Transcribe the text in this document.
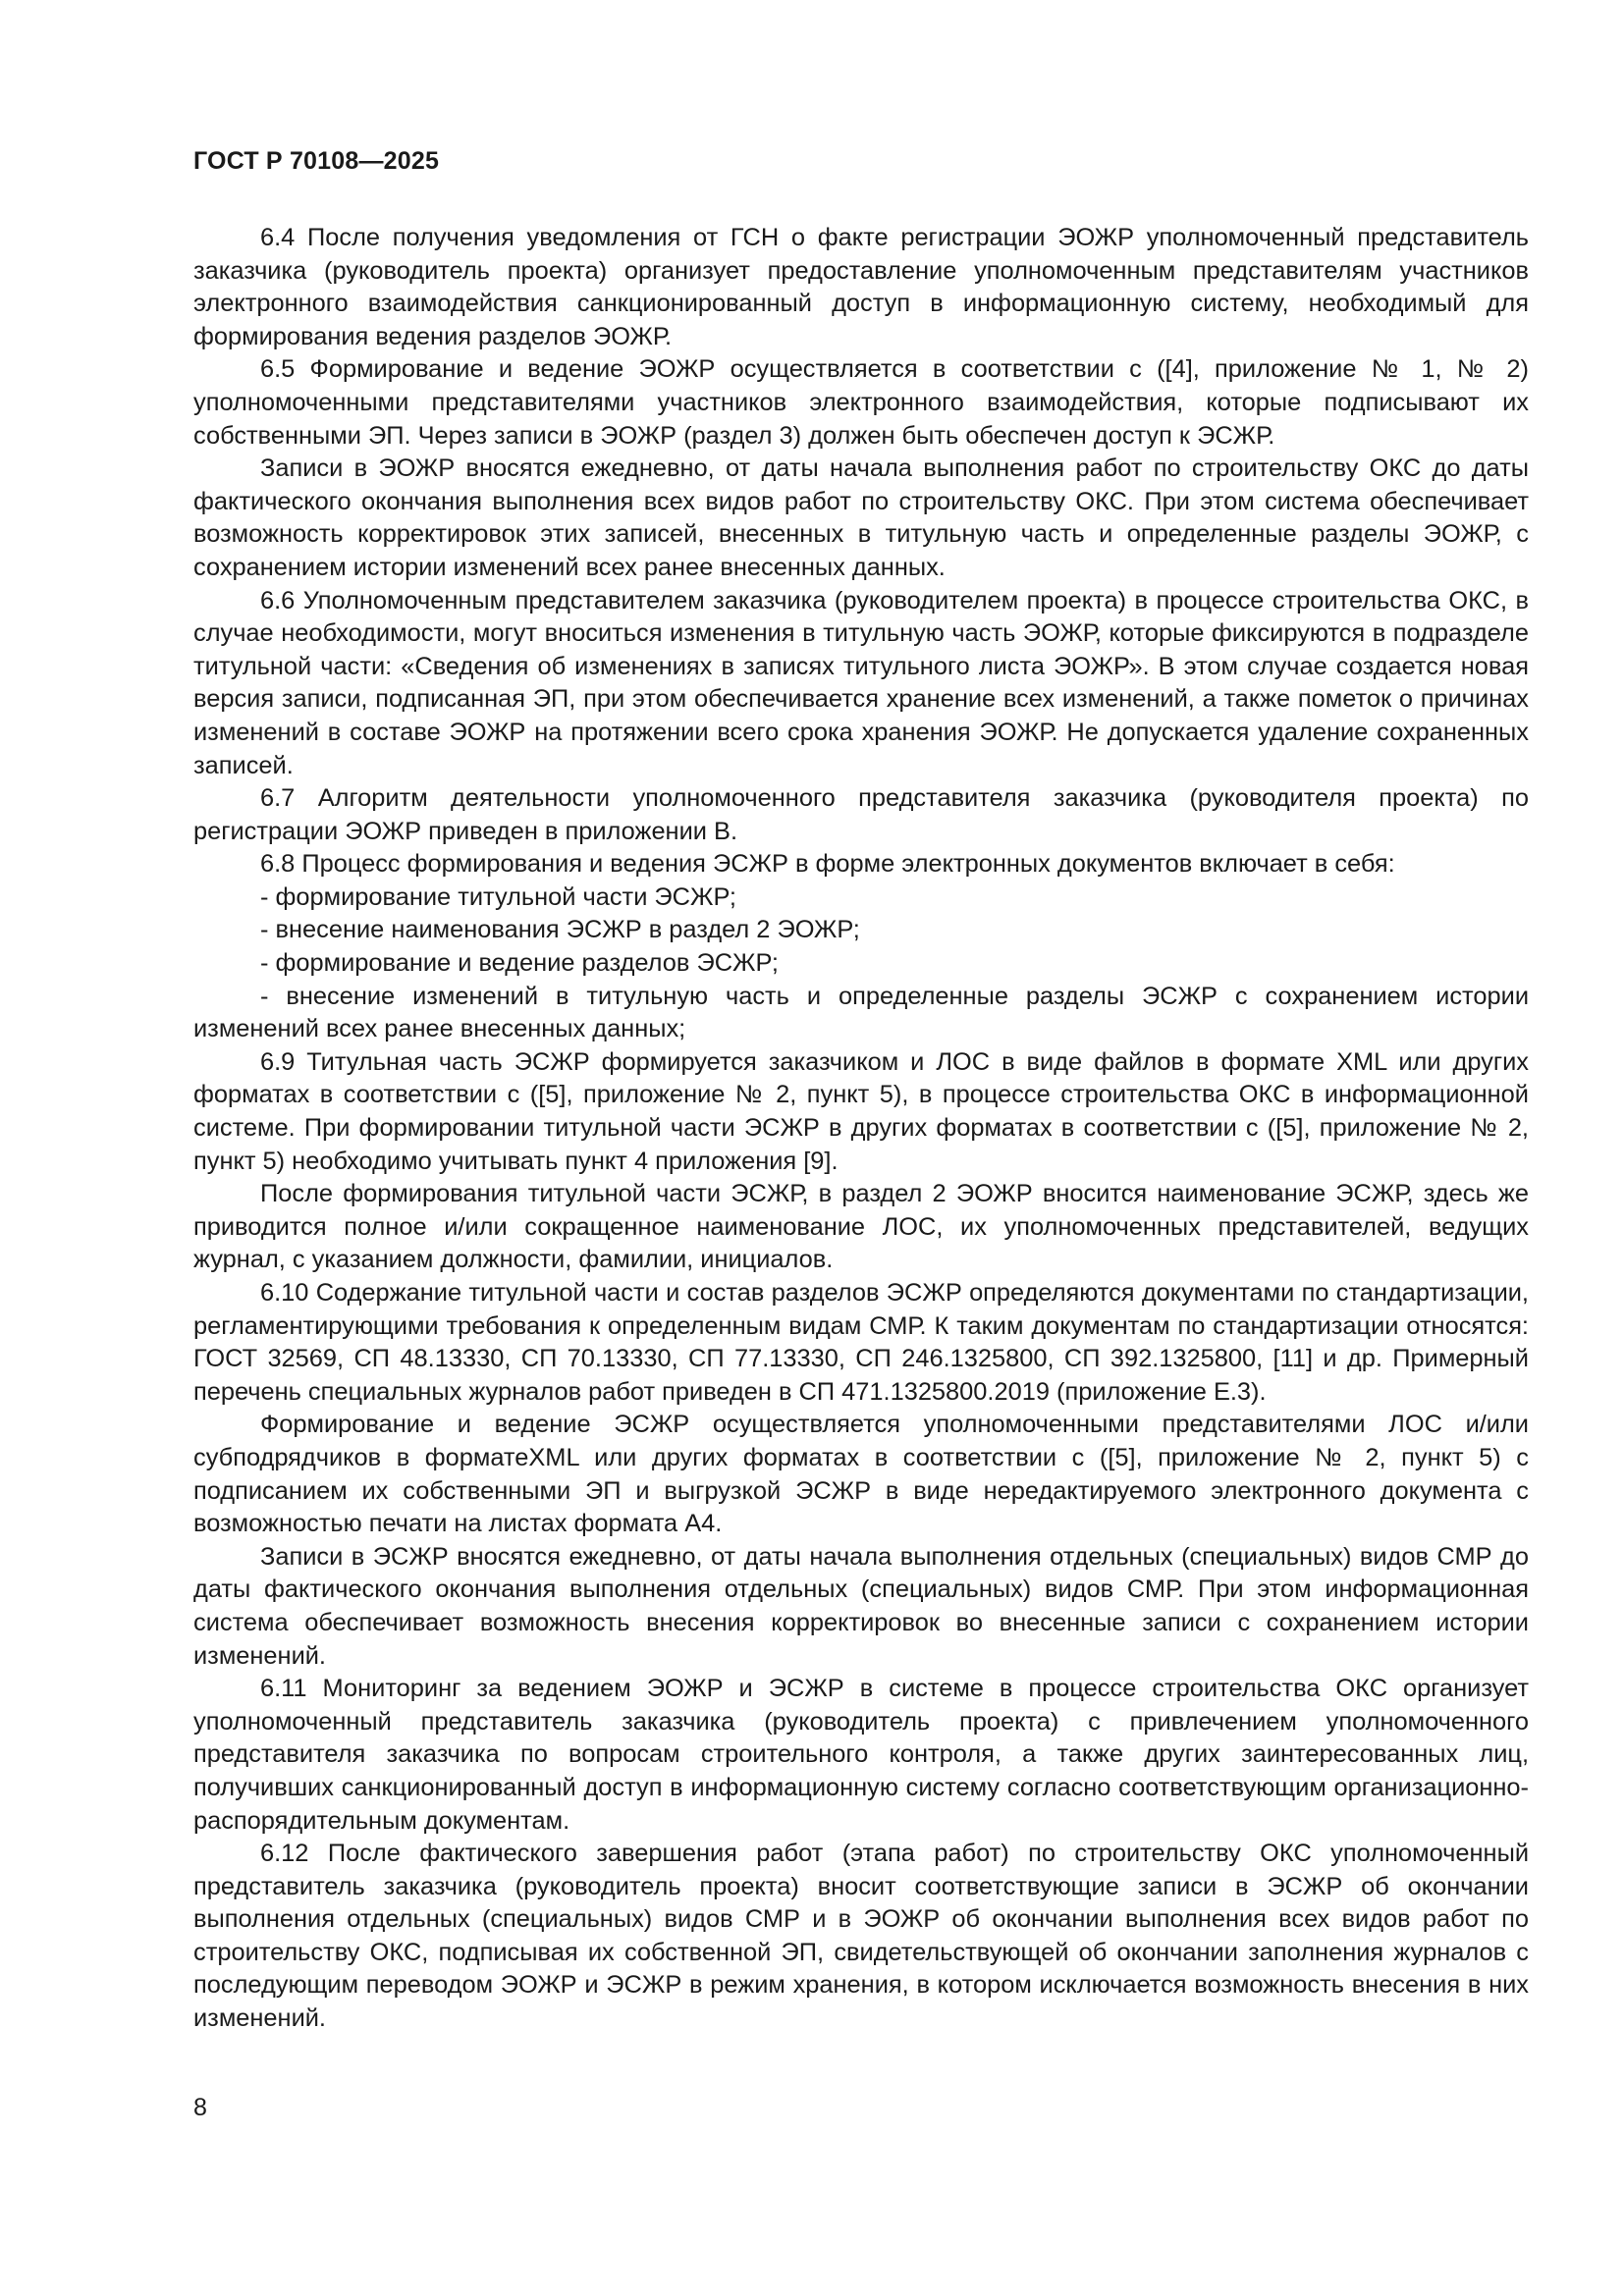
ГОСТ Р 70108—2025

6.4 После получения уведомления от ГСН о факте регистрации ЭОЖР уполномоченный представитель заказчика (руководитель проекта) организует предоставление уполномоченным представителям участников электронного взаимодействия санкционированный доступ в информационную систему, необходимый для формирования ведения разделов ЭОЖР.

6.5 Формирование и ведение ЭОЖР осуществляется в соответствии с ([4], приложение № 1, № 2) уполномоченными представителями участников электронного взаимодействия, которые подписывают их собственными ЭП. Через записи в ЭОЖР (раздел 3) должен быть обеспечен доступ к ЭСЖР.

Записи в ЭОЖР вносятся ежедневно, от даты начала выполнения работ по строительству ОКС до даты фактического окончания выполнения всех видов работ по строительству ОКС. При этом система обеспечивает возможность корректировок этих записей, внесенных в титульную часть и определенные разделы ЭОЖР, с сохранением истории изменений всех ранее внесенных данных.

6.6 Уполномоченным представителем заказчика (руководителем проекта) в процессе строительства ОКС, в случае необходимости, могут вноситься изменения в титульную часть ЭОЖР, которые фиксируются в подразделе титульной части: «Сведения об изменениях в записях титульного листа ЭОЖР». В этом случае создается новая версия записи, подписанная ЭП, при этом обеспечивается хранение всех изменений, а также пометок о причинах изменений в составе ЭОЖР на протяжении всего срока хранения ЭОЖР. Не допускается удаление сохраненных записей.

6.7 Алгоритм деятельности уполномоченного представителя заказчика (руководителя проекта) по регистрации ЭОЖР приведен в приложении В.

6.8 Процесс формирования и ведения ЭСЖР в форме электронных документов включает в себя:

- формирование титульной части ЭСЖР;

- внесение наименования ЭСЖР в раздел 2 ЭОЖР;

- формирование и ведение разделов ЭСЖР;

- внесение изменений в титульную часть и определенные разделы ЭСЖР с сохранением истории изменений всех ранее внесенных данных;

6.9 Титульная часть ЭСЖР формируется заказчиком и ЛОС в виде файлов в формате XML или других форматах в соответствии с ([5], приложение № 2, пункт 5), в процессе строительства ОКС в информационной системе. При формировании титульной части ЭСЖР в других форматах в соответствии с ([5], приложение № 2, пункт 5) необходимо учитывать пункт 4 приложения [9].

После формирования титульной части ЭСЖР, в раздел 2 ЭОЖР вносится наименование ЭСЖР, здесь же приводится полное и/или сокращенное наименование ЛОС, их уполномоченных представителей, ведущих журнал, с указанием должности, фамилии, инициалов.

6.10 Содержание титульной части и состав разделов ЭСЖР определяются документами по стандартизации, регламентирующими требования к определенным видам СМР. К таким документам по стандартизации относятся: ГОСТ 32569, СП 48.13330, СП 70.13330, СП 77.13330, СП 246.1325800, СП 392.1325800, [11] и др. Примерный перечень специальных журналов работ приведен в СП 471.1325800.2019 (приложение Е.3).

Формирование и ведение ЭСЖР осуществляется уполномоченными представителями ЛОС и/или субподрядчиков в форматеXML или других форматах в соответствии с ([5], приложение № 2, пункт 5) с подписанием их собственными ЭП и выгрузкой ЭСЖР в виде нередактируемого электронного документа с возможностью печати на листах формата А4.

Записи в ЭСЖР вносятся ежедневно, от даты начала выполнения отдельных (специальных) видов СМР до даты фактического окончания выполнения отдельных (специальных) видов СМР. При этом информационная система обеспечивает возможность внесения корректировок во внесенные записи с сохранением истории изменений.

6.11 Мониторинг за ведением ЭОЖР и ЭСЖР в системе в процессе строительства ОКС организует уполномоченный представитель заказчика (руководитель проекта) с привлечением уполномоченного представителя заказчика по вопросам строительного контроля, а также других заинтересованных лиц, получивших санкционированный доступ в информационную систему согласно соответствующим организационно-распорядительным документам.

6.12 После фактического завершения работ (этапа работ) по строительству ОКС уполномоченный представитель заказчика (руководитель проекта) вносит соответствующие записи в ЭСЖР об окончании выполнения отдельных (специальных) видов СМР и в ЭОЖР об окончании выполнения всех видов работ по строительству ОКС, подписывая их собственной ЭП, свидетельствующей об окончании заполнения журналов с последующим переводом ЭОЖР и ЭСЖР в режим хранения, в котором исключается возможность внесения в них изменений.

8
